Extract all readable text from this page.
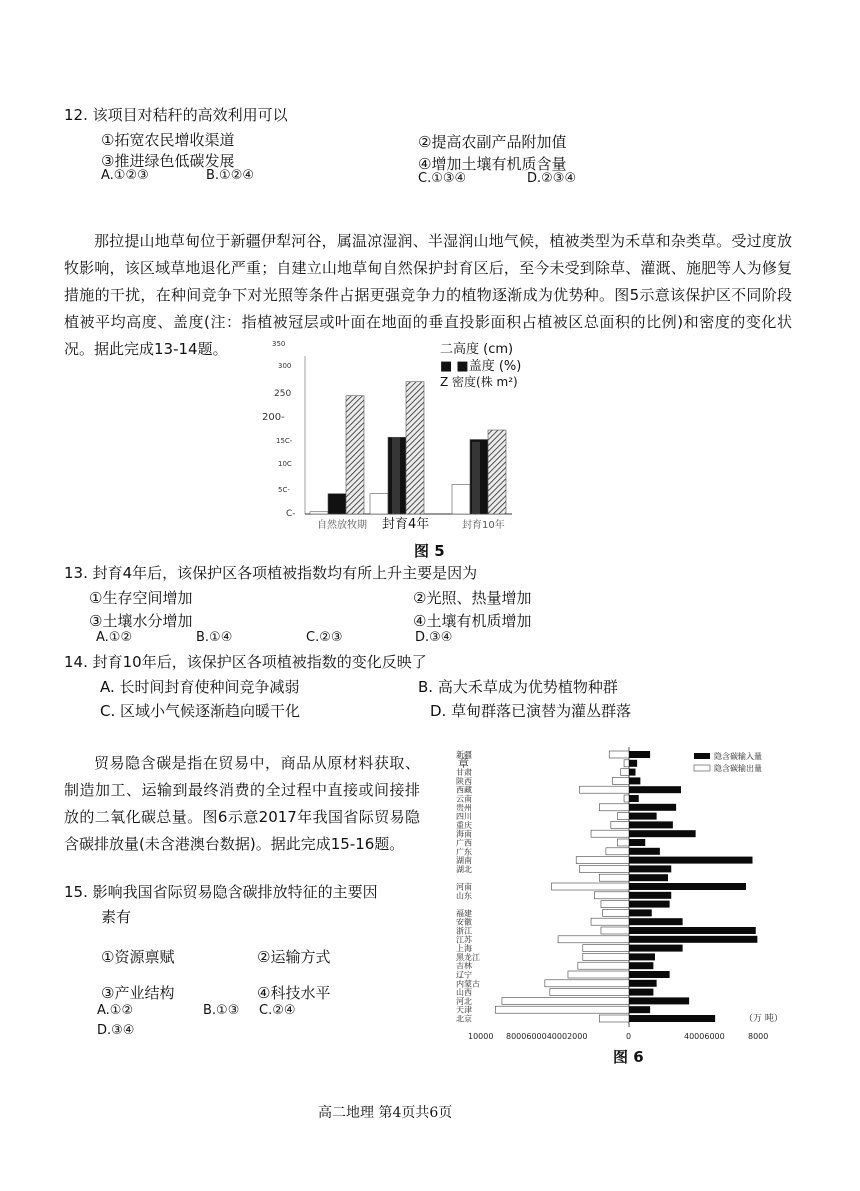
12. 该项目对秸秆的高效利用可以
①拓宽农民增收渠道	②提高农副产品附加值
③推进绿色低碳发展	④增加土壤有机质含量
A.①②③	B.①②④	C.①③④	D.②③④
那拉提山地草甸位于新疆伊犁河谷，属温凉湿润、半湿润山地气候，植被类型为禾草和杂类草。受过度放牧影响，该区域草地退化严重；自建立山地草甸自然保护封育区后，至今未受到除草、灌溉、施肥等人为修复措施的干扰，在种间竞争下对光照等条件占据更强竞争力的植物逐渐成为优势种。图5示意该保护区不同阶段植被平均高度、盖度(注：指植被冠层或叶面在地面的垂直投影面积占植被区总面积的比例)和密度的变化状况。据此完成13-14题。	350
300
250
200-
15C-
10C
5C-
C-
自然放牧期 封育4年	封育10年
二高度 (cm)
■ ■盖度 (%)
Z 密度(株 m²)
图 5
13. 封育4年后，该保护区各项植被指数均有所上升主要是因为
①生存空间增加	②光照、热量增加
③土壤水分增加	④土壤有机质增加
A.①②	B.①④	C.②③	D.③④
14. 封育10年后，该保护区各项植被指数的变化反映了
A. 长时间封育使种间竞争减弱	B. 高大禾草成为优势植物种群
C. 区域小气候逐渐趋向暖干化	D. 草甸群落已演替为灌丛群落
贸易隐含碳是指在贸易中，商品从原材料获取、制造加工、运输到最终消费的全过程中直接或间接排放的二氧化碳总量。图6示意2017年我国省际贸易隐含碳排放量(未含港澳台数据)。据此完成15-16题。
15. 影响我国省际贸易隐含碳排放特征的主要因
素有
①资源禀赋	②运输方式
③产业结构	④科技水平
A.①②	B.①③ C.②④
D.③④
新疆
章
甘肃
陕西
西藏
云南
贵州
四川
重庆
海南
广西
广东
湖南
湖北
河南
山东
福建
安徽
浙江
江苏
上海
黑龙江
吉林
辽宁
内蒙古
山西
河北
天津
北京
隐含碳输入量
隐含碳输出量
（万 吨）
10000 8000600040002000	0	40006000	8000
图 6
高二地理 第4页共6页
